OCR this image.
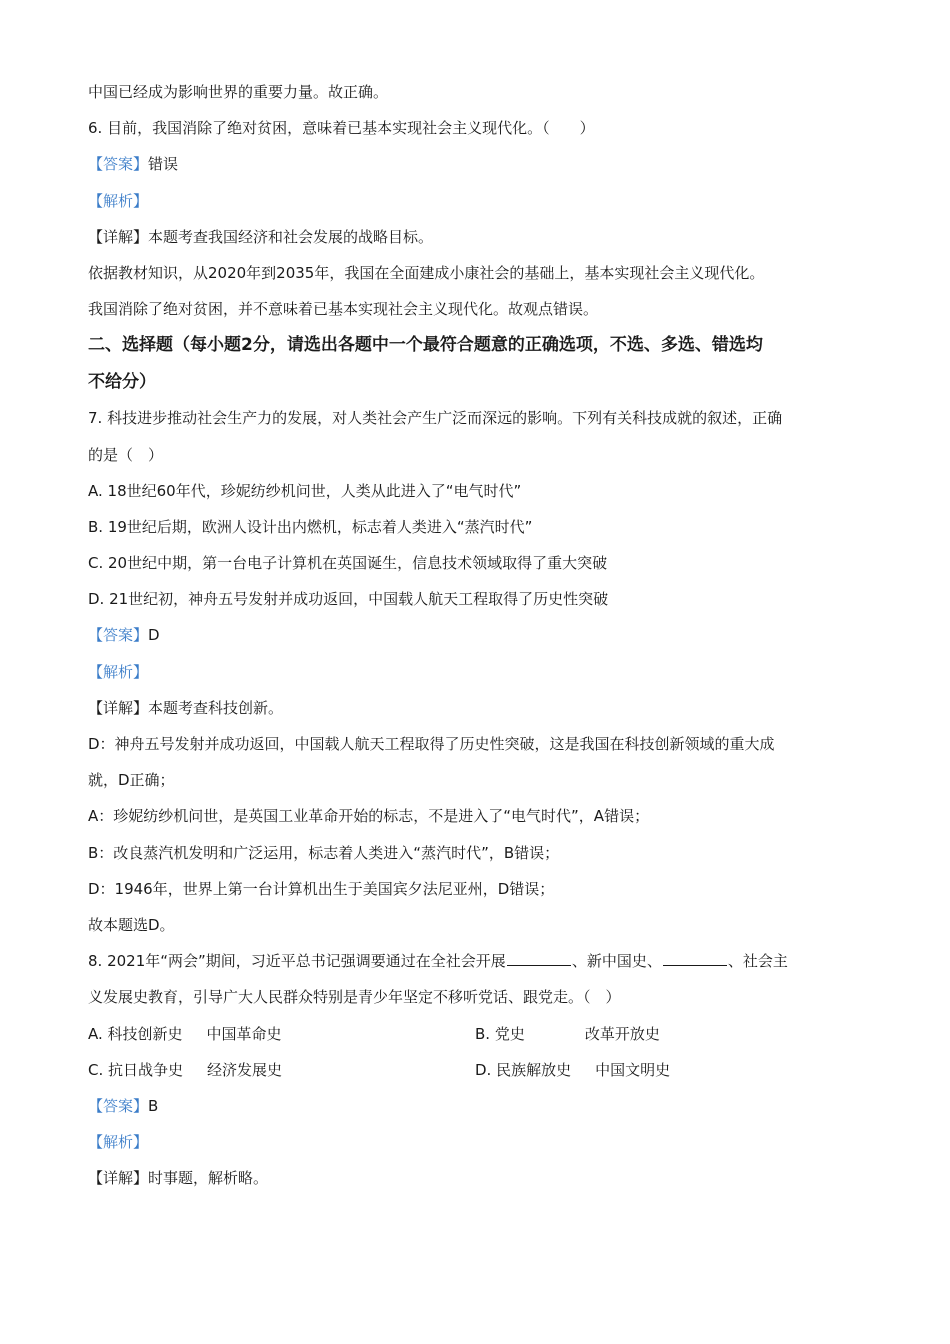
中国已经成为影响世界的重要力量。故正确。
6. 目前，我国消除了绝对贫困，意味着已基本实现社会主义现代化。（　　）
【答案】错误
【解析】
【详解】本题考查我国经济和社会发展的战略目标。
依据教材知识，从2020年到2035年，我国在全面建成小康社会的基础上，基本实现社会主义现代化。
我国消除了绝对贫困，并不意味着已基本实现社会主义现代化。故观点错误。
二、选择题（每小题2分，请选出各题中一个最符合题意的正确选项，不选、多选、错选均
不给分）
7. 科技进步推动社会生产力的发展，对人类社会产生广泛而深远的影响。下列有关科技成就的叙述，正确
的是（　）
A. 18世纪60年代，珍妮纺纱机问世，人类从此进入了“电气时代”
B. 19世纪后期，欧洲人设计出内燃机，标志着人类进入“蒸汽时代”
C. 20世纪中期，第一台电子计算机在英国诞生，信息技术领域取得了重大突破
D. 21世纪初，神舟五号发射并成功返回，中国载人航天工程取得了历史性突破
【答案】D
【解析】
【详解】本题考查科技创新。
D：神舟五号发射并成功返回，中国载人航天工程取得了历史性突破，这是我国在科技创新领域的重大成
就，D正确；
A：珍妮纺纱机问世，是英国工业革命开始的标志，不是进入了“电气时代”，A错误；
B：改良蒸汽机发明和广泛运用，标志着人类进入“蒸汽时代”，B错误；
D：1946年，世界上第一台计算机出生于美国宾夕法尼亚州，D错误；
故本题选D。
8. 2021年“两会”期间，习近平总书记强调要通过在全社会开展	、新中国史、	、社会主
义发展史教育，引导广大人民群众特别是青少年坚定不移听党话、跟党走。（　）
A. 科技创新史 中国革命史	B. 党史	改革开放史
C. 抗日战争史 经济发展史	D. 民族解放史 中国文明史
【答案】B
【解析】
【详解】时事题，解析略。
